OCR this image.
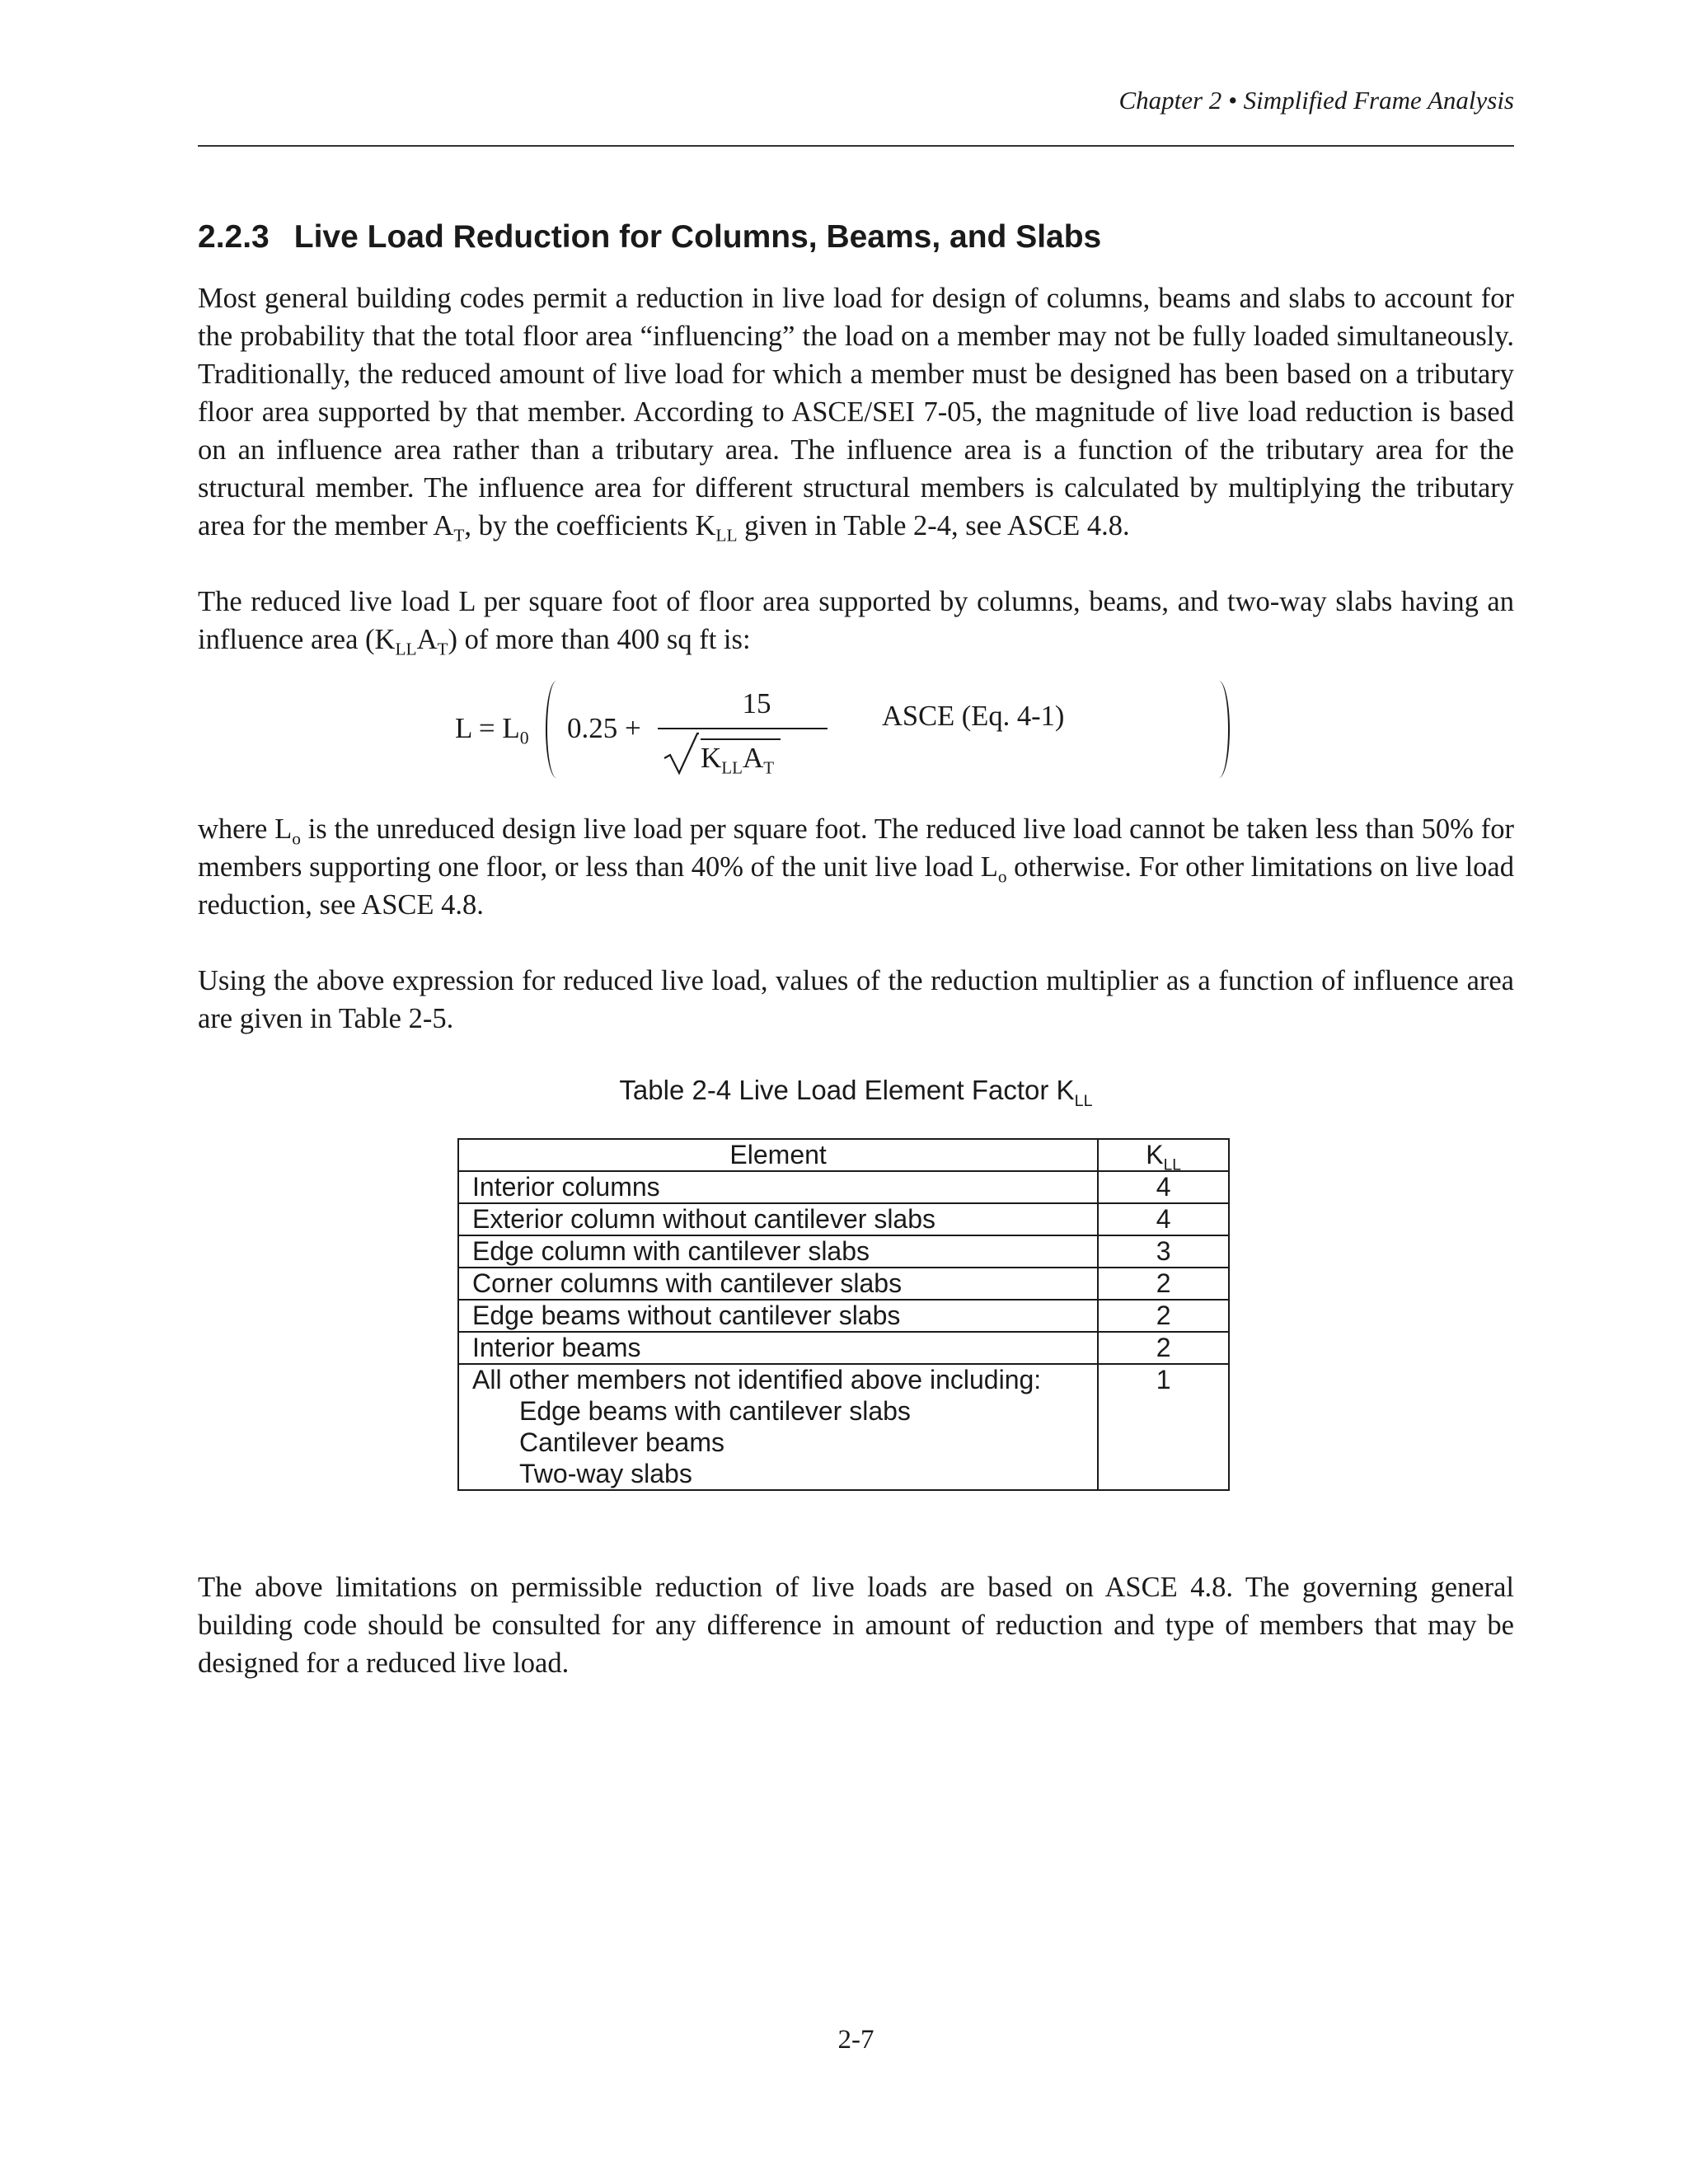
Chapter 2 • Simplified Frame Analysis
2.2.3 Live Load Reduction for Columns, Beams, and Slabs

Most general building codes permit a reduction in live load for design of columns, beams and slabs to account for the probability that the total floor area “influencing” the load on a member may not be fully loaded simultaneously. Traditionally, the reduced amount of live load for which a member must be designed has been based on a tributary floor area supported by that member. According to ASCE/SEI 7-05, the magnitude of live load reduction is based on an influence area rather than a tributary area. The influence area is a function of the tributary area for the structural member. The influence area for different structural members is calculated by multiplying the tributary area for the member $A_T$, by the coefficients $K_{LL}$ given in Table 2-4, see ASCE 4.8.

The reduced live load L per square foot of floor area supported by columns, beams, and two-way slabs having an influence area $(K_{LL}A_T)$ of more than 400 sq ft is:

$L = L_0$ 0.25 +
15
$K_{LL}A_T$
ASCE (Eq. 4-1)

where $L_o$ is the unreduced design live load per square foot. The reduced live load cannot be taken less than 50% for members supporting one floor, or less than 40% of the unit live load $L_o$ otherwise. For other limitations on live load reduction, see ASCE 4.8.

Using the above expression for reduced live load, values of the reduction multiplier as a function of influence area are given in Table 2-5.

Table 2-4 Live Load Element Factor $K_{LL}$
Element	$K_{LL}$
Interior columns	4
Exterior column without cantilever slabs	4
Edge column with cantilever slabs	3
Corner columns with cantilever slabs	2
Edge beams without cantilever slabs	2
Interior beams	2
All other members not identified above including:
Edge beams with cantilever slabs
Cantilever beams
Two-way slabs	1

The above limitations on permissible reduction of live loads are based on ASCE 4.8. The governing general building code should be consulted for any difference in amount of reduction and type of members that may be designed for a reduced live load.

2-7
